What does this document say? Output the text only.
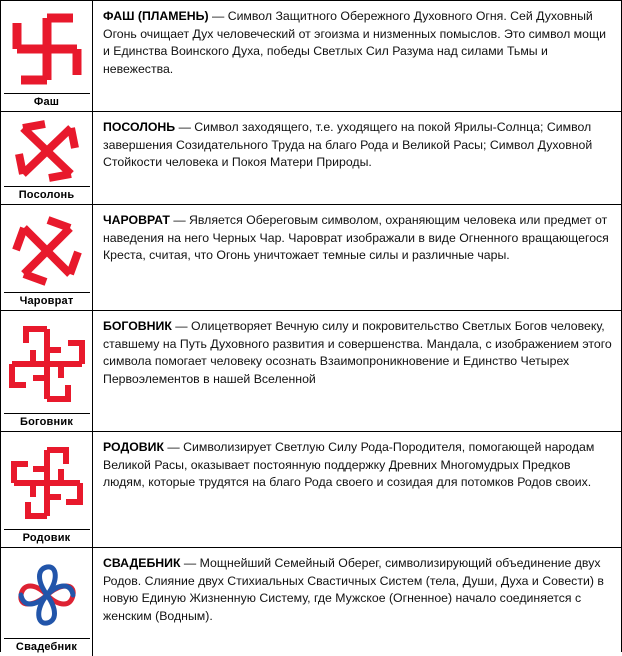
Фаш
ФАШ (ПЛАМЕНЬ) — Символ Защитного Обережного Духовного Огня. Сей Духовный Огонь очищает Дух человеческий от эгоизма и низменных помыслов. Это символ мощи и Единства Воинского Духа, победы Светлых Сил Разума над силами Тьмы и невежества.
Посолонь
ПОСОЛОНЬ — Символ заходящего, т.е. уходящего на покой Ярилы-Солнца; Символ завершения Созидательного Труда на благо Рода и Великой Расы; Символ Духовной Стойкости человека и Покоя Матери Природы.
Чароврат
ЧАРОВРАТ — Является Обереговым символом, охраняющим человека или предмет от наведения на него Черных Чар. Чароврат изображали в виде Огненного вращающегося Креста, считая, что Огонь уничтожает темные силы и различные чары.
Боговник
БОГОВНИК — Олицетворяет Вечную силу и покровительство Светлых Богов человеку, ставшему на Путь Духовного развития и совершенства. Мандала, с изображением этого символа помогает человеку осознать Взаимопроникновение и Единство Четырех Первоэлементов в нашей Вселенной
Родовик
РОДОВИК — Символизирует Светлую Силу Рода-Породителя, помогающей народам Великой Расы, оказывает постоянную поддержку Древних Многомудрых Предков людям, которые трудятся на благо Рода своего и созидая для потомков Родов своих.
Свадебник
СВАДЕБНИК — Мощнейший Семейный Оберег, символизирующий объединение двух Родов. Слияние двух Стихиальных Свастичных Систем (тела, Души, Духа и Совести) в новую Единую Жизненную Систему, где Мужское (Огненное) начало соединяется с женским (Водным).
